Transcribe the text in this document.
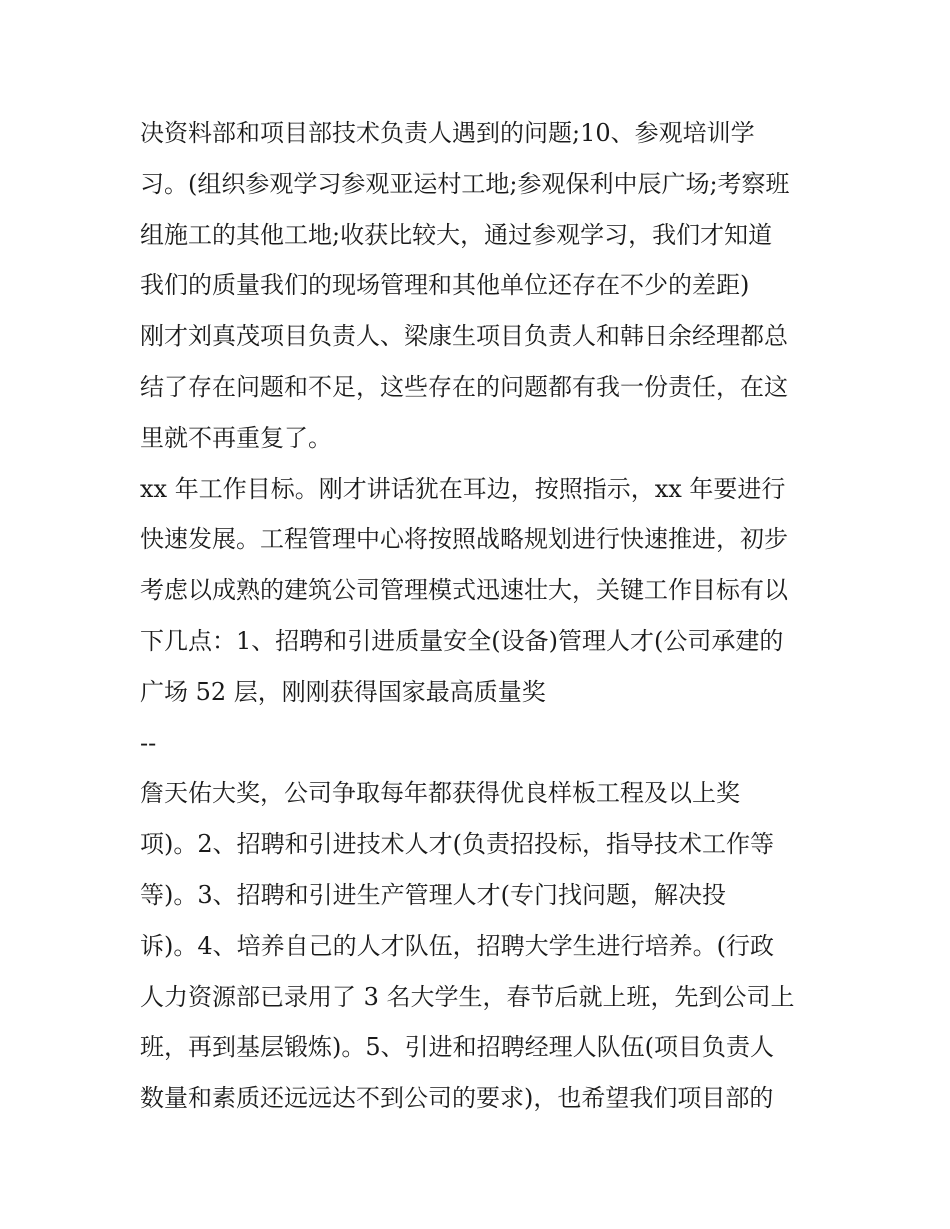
决资料部和项目部技术负责人遇到的问题;10、参观培训学
习。(组织参观学习参观亚运村工地;参观保利中辰广场;考察班
组施工的其他工地;收获比较大，通过参观学习，我们才知道
我们的质量我们的现场管理和其他单位还存在不少的差距)
刚才刘真茂项目负责人、梁康生项目负责人和韩日余经理都总
结了存在问题和不足，这些存在的问题都有我一份责任，在这
里就不再重复了。
xx 年工作目标。刚才讲话犹在耳边，按照指示，xx 年要进行
快速发展。工程管理中心将按照战略规划进行快速推进，初步
考虑以成熟的建筑公司管理模式迅速壮大，关键工作目标有以
下几点：1、招聘和引进质量安全(设备)管理人才(公司承建的
广场 52 层，刚刚获得国家最高质量奖
--
詹天佑大奖，公司争取每年都获得优良样板工程及以上奖
项)。2、招聘和引进技术人才(负责招投标，指导技术工作等
等)。3、招聘和引进生产管理人才(专门找问题，解决投
诉)。4、培养自己的人才队伍，招聘大学生进行培养。(行政
人力资源部已录用了 3 名大学生，春节后就上班，先到公司上
班，再到基层锻炼)。5、引进和招聘经理人队伍(项目负责人
数量和素质还远远达不到公司的要求)，也希望我们项目部的
